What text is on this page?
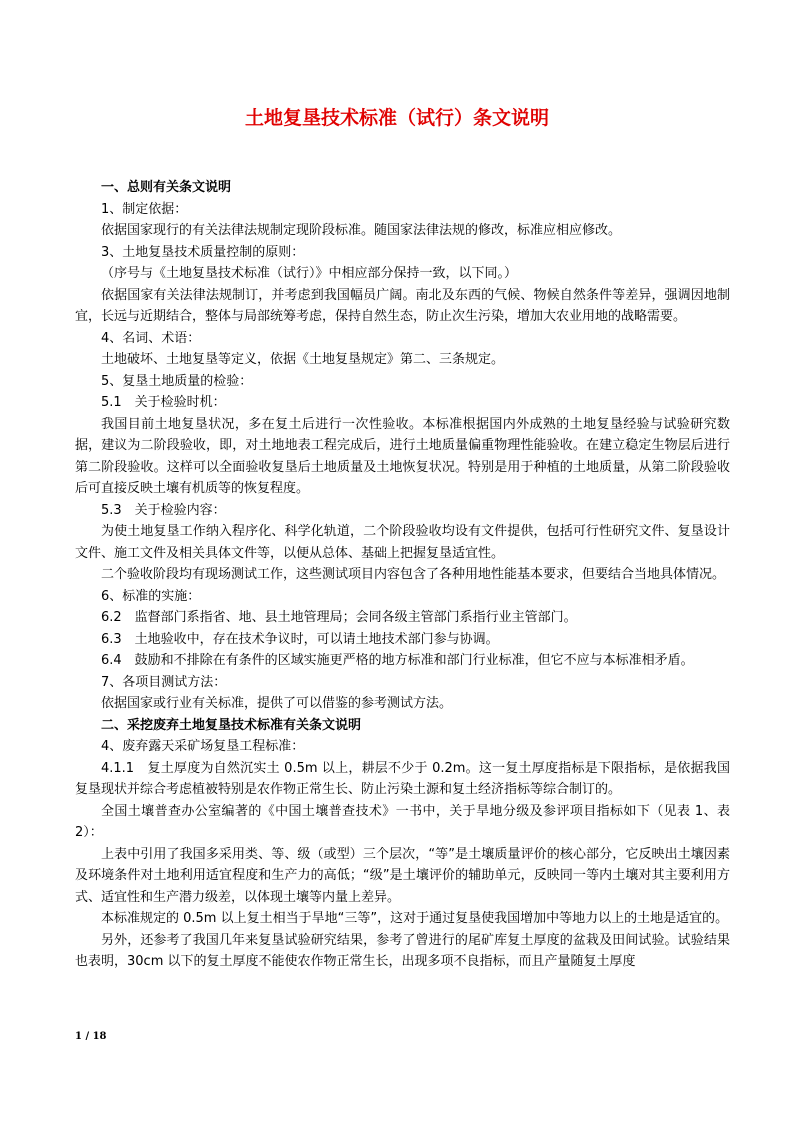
土地复垦技术标准（试行）条文说明

一、总则有关条文说明

1、制定依据：

依据国家现行的有关法律法规制定现阶段标准。随国家法律法规的修改，标准应相应修改。

3、土地复垦技术质量控制的原则：

（序号与《土地复垦技术标准（试行）》中相应部分保持一致，以下同。）

依据国家有关法律法规制订，并考虑到我国幅员广阔。南北及东西的气候、物候自然条件等差异，强调因地制宜，长远与近期结合，整体与局部统筹考虑，保持自然生态，防止次生污染，增加大农业用地的战略需要。

4、名词、术语：

土地破坏、土地复垦等定义，依据《土地复垦规定》第二、三条规定。

5、复垦土地质量的检验：

5.1　关于检验时机：

我国目前土地复垦状况，多在复土后进行一次性验收。本标准根据国内外成熟的土地复垦经验与试验研究数据，建议为二阶段验收，即，对土地地表工程完成后，进行土地质量偏重物理性能验收。在建立稳定生物层后进行第二阶段验收。这样可以全面验收复垦后土地质量及土地恢复状况。特别是用于种植的土地质量，从第二阶段验收后可直接反映土壤有机质等的恢复程度。

5.3　关于检验内容：

为使土地复垦工作纳入程序化、科学化轨道，二个阶段验收均设有文件提供，包括可行性研究文件、复垦设计文件、施工文件及相关具体文件等，以便从总体、基础上把握复垦适宜性。

二个验收阶段均有现场测试工作，这些测试项目内容包含了各种用地性能基本要求，但要结合当地具体情况。

6、标准的实施：

6.2　监督部门系指省、地、县土地管理局；会同各级主管部门系指行业主管部门。

6.3　土地验收中，存在技术争议时，可以请土地技术部门参与协调。

6.4　鼓励和不排除在有条件的区域实施更严格的地方标准和部门行业标准，但它不应与本标准相矛盾。

7、各项目测试方法：

依据国家或行业有关标准，提供了可以借鉴的参考测试方法。

二、采挖废弃土地复垦技术标准有关条文说明

4、废弃露天采矿场复垦工程标准：

4.1.1　复土厚度为自然沉实土 0.5m 以上，耕层不少于 0.2m。这一复土厚度指标是下限指标，是依据我国复垦现状并综合考虑植被特别是农作物正常生长、防止污染土源和复土经济指标等综合制订的。

全国土壤普查办公室编著的《中国土壤普查技术》一书中，关于旱地分级及参评项目指标如下（见表 1、表 2）：

上表中引用了我国多采用类、等、级（或型）三个层次，“等”是土壤质量评价的核心部分，它反映出土壤因素及环境条件对土地利用适宜程度和生产力的高低；“级”是土壤评价的辅助单元，反映同一等内土壤对其主要利用方式、适宜性和生产潜力级差，以体现土壤等内量上差异。

本标准规定的 0.5m 以上复土相当于旱地“三等”，这对于通过复垦使我国增加中等地力以上的土地是适宜的。

另外，还参考了我国几年来复垦试验研究结果，参考了曾进行的尾矿库复土厚度的盆栽及田间试验。试验结果也表明，30cm 以下的复土厚度不能使农作物正常生长，出现多项不良指标，而且产量随复土厚度

1 / 18
